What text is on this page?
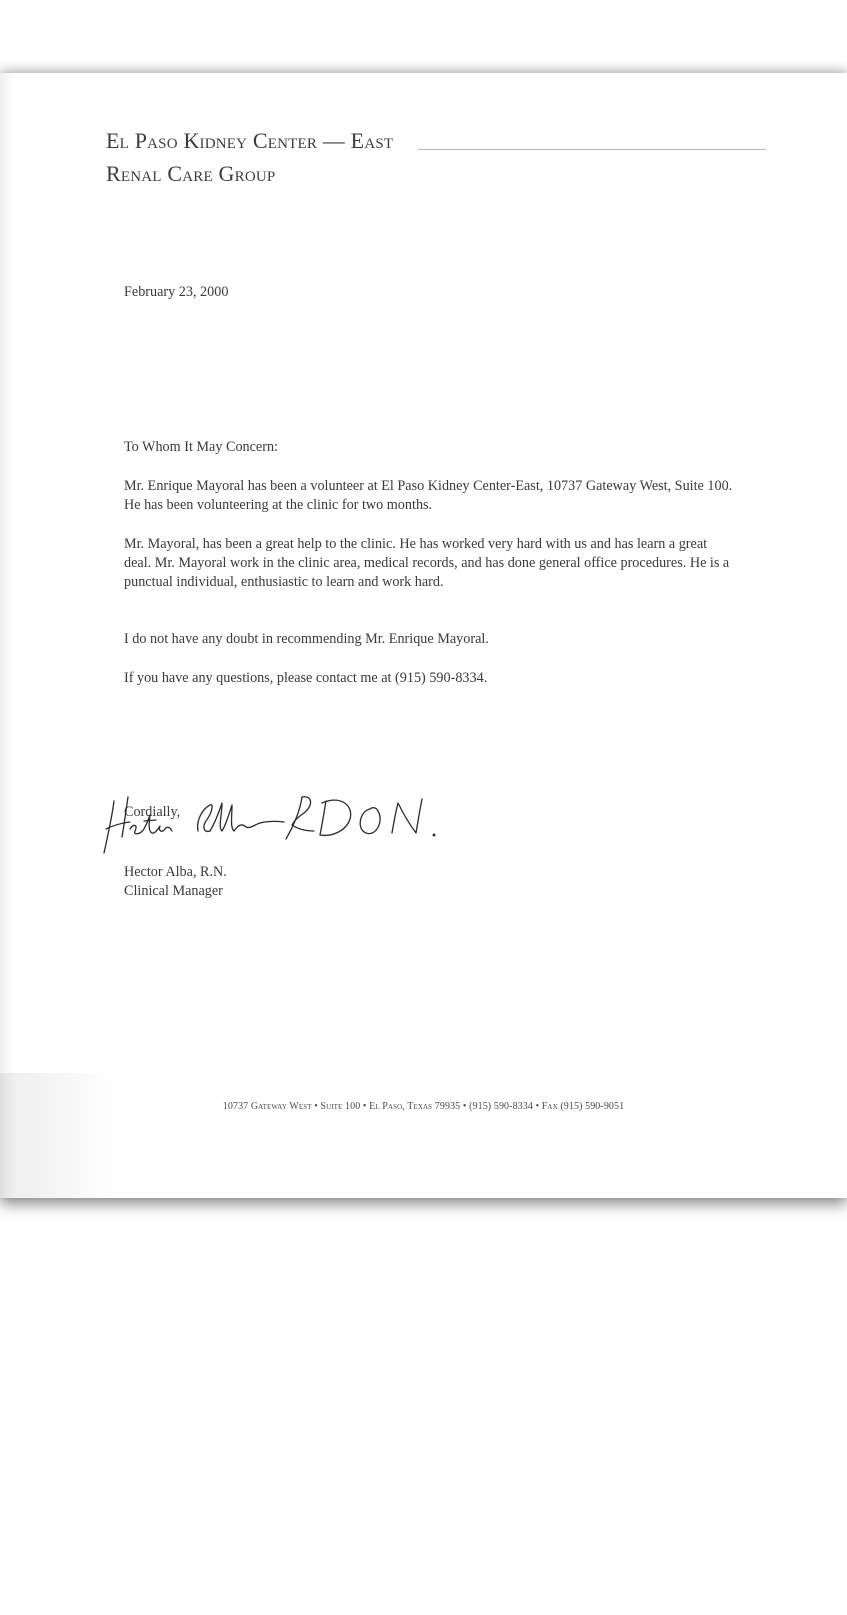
El Paso Kidney Center — East
Renal Care Group
February 23, 2000
To Whom It May Concern:

Mr. Enrique Mayoral has been a volunteer at El Paso Kidney Center-East, 10737 Gateway West, Suite 100. He has been volunteering at the clinic for two months.

Mr. Mayoral, has been a great help to the clinic. He has worked very hard with us and has learn a great deal. Mr. Mayoral work in the clinic area, medical records, and has done general office procedures. He is a punctual individual, enthusiastic to learn and work hard.

I do not have any doubt in recommending Mr. Enrique Mayoral.

If you have any questions, please contact me at (915) 590-8334.

Cordially,
Hector Alba, R.N.
Clinical Manager
10737 Gateway West • Suite 100 • El Paso, Texas 79935 • (915) 590-8334 • Fax (915) 590-9051
